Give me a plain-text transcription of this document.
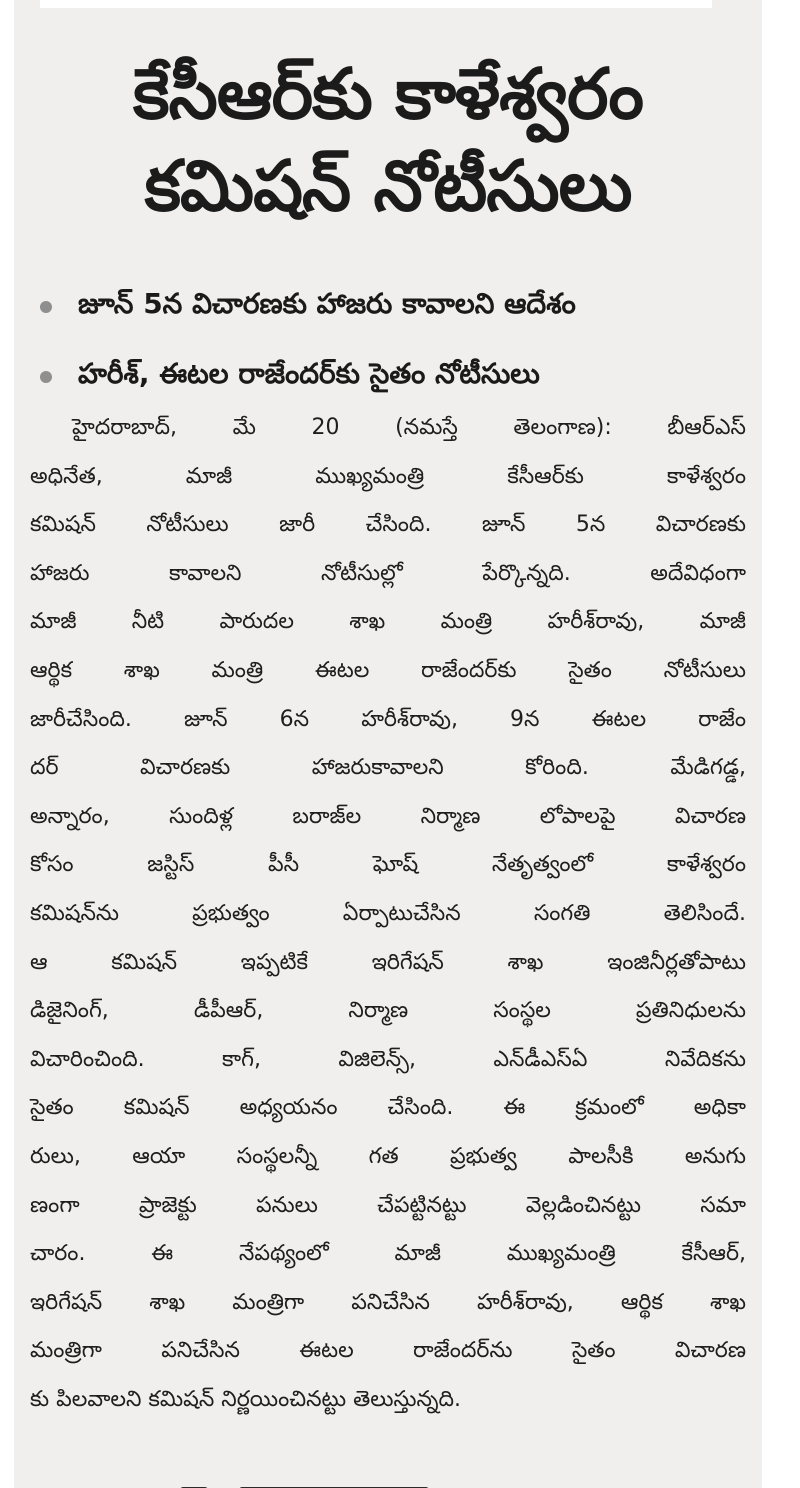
కేసీఆర్‌కు కాళేశ్వరం
కమిషన్‌ నోటీసులు
జూన్‌ 5న విచారణకు హాజరు కావాలని ఆదేశం
హరీశ్‌, ఈటల రాజేందర్‌కు సైతం నోటీసులు
హైదరాబాద్‌, మే 20 (నమస్తే తెలంగాణ): బీఆర్‌ఎస్‌
అధినేత, మాజీ ముఖ్యమంత్రి కేసీఆర్‌కు కాళేశ్వరం
కమిషన్‌ నోటీసులు జారీ చేసింది. జూన్‌ 5న విచారణకు
హాజరు కావాలని నోటీసుల్లో పేర్కొన్నది. అదేవిధంగా
మాజీ నీటి పారుదల శాఖ మంత్రి హరీశ్‌రావు, మాజీ
ఆర్థిక శాఖ మంత్రి ఈటల రాజేందర్‌కు సైతం నోటీసులు
జారీచేసింది. జూన్‌ 6న హరీశ్‌రావు, 9న ఈటల రాజేం
దర్‌ విచారణకు హాజరుకావాలని కోరింది. మేడిగడ్డ,
అన్నారం, సుందిళ్ల బరాజ్‌ల నిర్మాణ లోపాలపై విచారణ
కోసం జస్టిస్‌ పీసీ ఘోష్‌ నేతృత్వంలో కాళేశ్వరం
కమిషన్‌ను ప్రభుత్వం ఏర్పాటుచేసిన సంగతి తెలిసిందే.
ఆ కమిషన్‌ ఇప్పటికే ఇరిగేషన్‌ శాఖ ఇంజినీర్లతోపాటు
డిజైనింగ్‌, డీపీఆర్‌, నిర్మాణ సంస్థల ప్రతినిధులను
విచారించింది. కాగ్‌, విజిలెన్స్‌, ఎన్‌డీఎస్‌ఏ నివేదికను
సైతం కమిషన్‌ అధ్యయనం చేసింది. ఈ క్రమంలో అధికా
రులు, ఆయా సంస్థలన్నీ గత ప్రభుత్వ పాలసీకి అనుగు
ణంగా ప్రాజెక్టు పనులు చేపట్టినట్టు వెల్లడించినట్టు సమా
చారం. ఈ నేపథ్యంలో మాజీ ముఖ్యమంత్రి కేసీఆర్‌,
ఇరిగేషన్‌ శాఖ మంత్రిగా పనిచేసిన హరీశ్‌రావు, ఆర్థిక శాఖ
మంత్రిగా పనిచేసిన ఈటల రాజేందర్‌ను సైతం విచారణ
కు పిలవాలని కమిషన్‌ నిర్ణయించినట్టు తెలుస్తున్నది.
